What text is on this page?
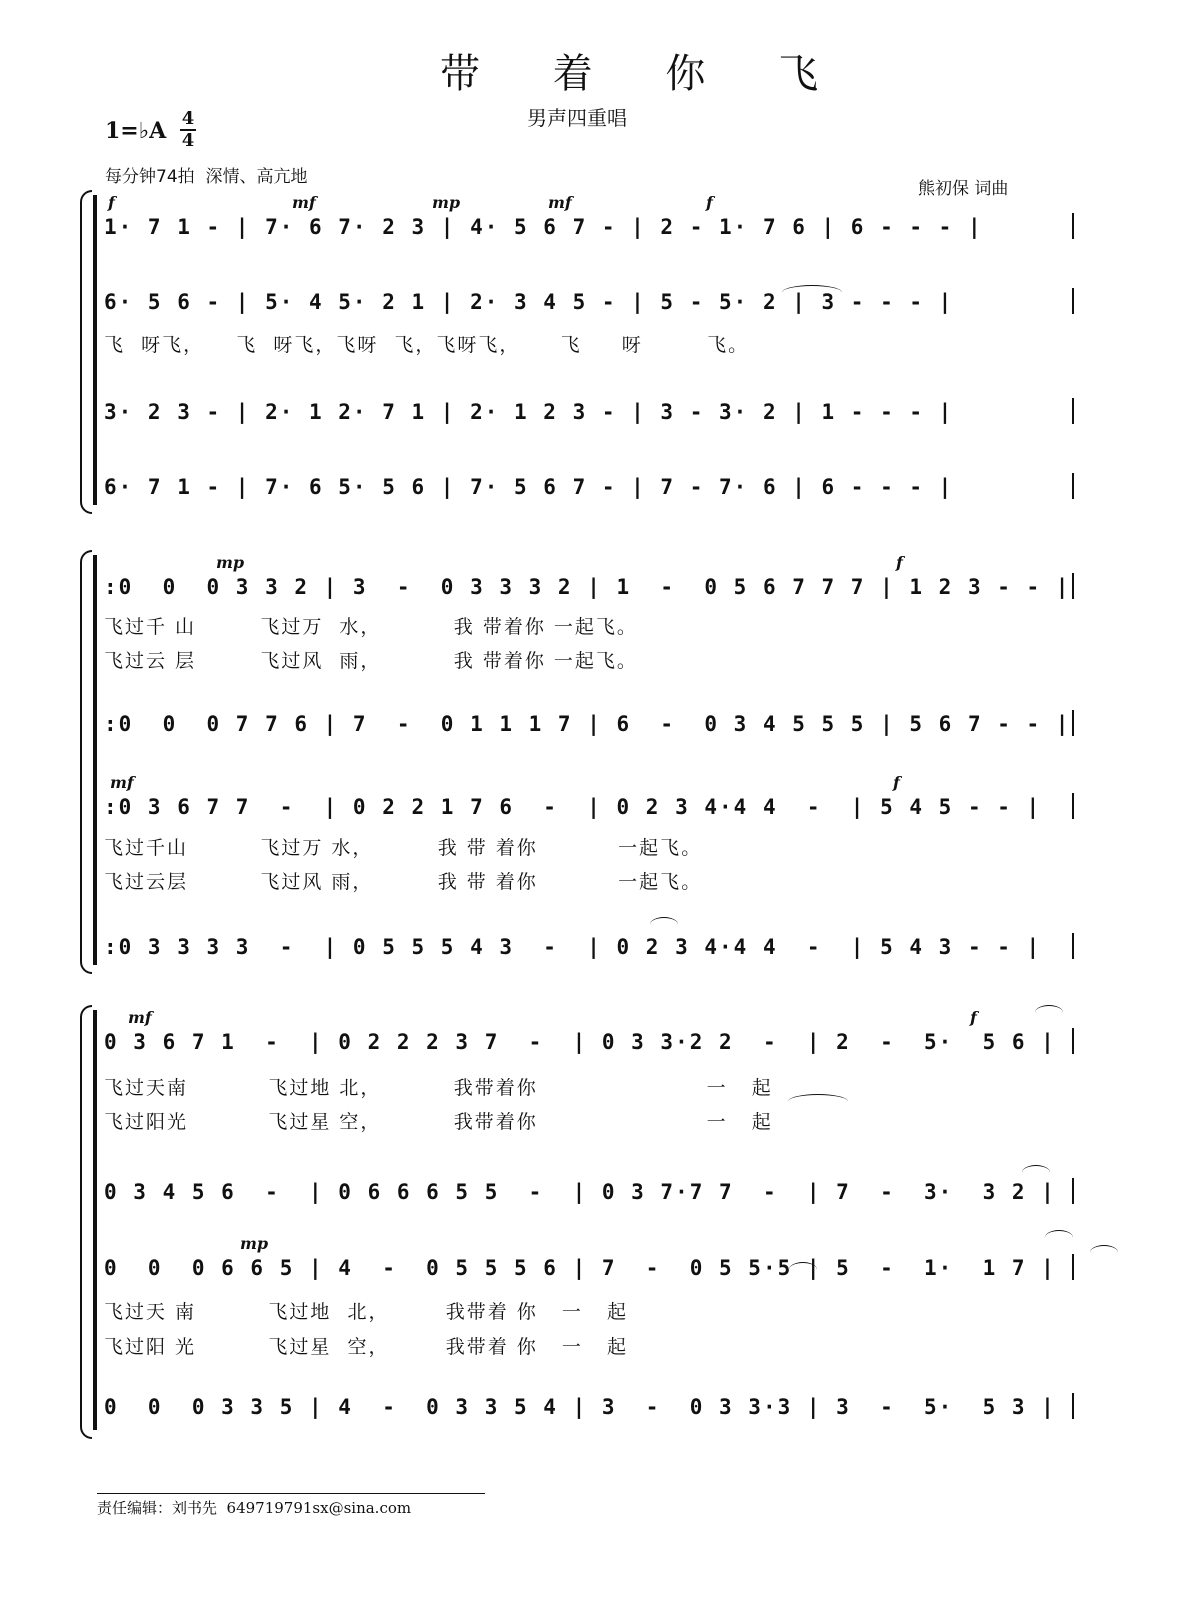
带 着 你 飞
男声四重唱
1=♭A 4
4
每分钟74拍  深情、高亢地
熊初保 词曲
f	mf	mp	mf	f
1· 7 1 - | 7· 6 7· 2 3 | 4· 5 6 7 - | 2 - 1· 7 6 | 6 - - - |
6· 5 6 - | 5· 4 5· 2 1 | 2· 3 4 5 - | 5 - 5· 2 | 3 - - - |
飞  呀飞，    飞  呀飞，飞呀  飞，飞呀飞，     飞     呀        飞。
3· 2 3 - | 2· 1 2· 7 1 | 2· 1 2 3 - | 3 - 3· 2 | 1 - - - |
6· 7 1 - | 7· 6 5· 5 6 | 7· 5 6 7 - | 7 - 7· 6 | 6 - - - |
mp	f
:0  0  0 3 3 2 | 3  -  0 3 3 3 2 | 1  -  0 5 6 7 7 7 | 1 2 3 - - |
飞过千 山        飞过万  水，         我 带着你 一起飞。
飞过云 层        飞过风  雨，         我 带着你 一起飞。
:0  0  0 7 7 6 | 7  -  0 1 1 1 7 | 6  -  0 3 4 5 5 5 | 5 6 7 - - |
mf	f
:0 3 6 7 7  -  | 0 2 2 1 7 6  -  | 0 2 3 4·4 4  -  | 5 4 5 - - |
飞过千山         飞过万 水，        我 带 着你          一起飞。
飞过云层         飞过风 雨，        我 带 着你          一起飞。
:0 3 3 3 3  -  | 0 5 5 5 4 3  -  | 0 2 3 4·4 4  -  | 5 4 3 - - |
mf	f
0 3 6 7 1  -  | 0 2 2 2 3 7  -  | 0 3 3·2 2  -  | 2  -  5·  5 6 |
飞过天南          飞过地 北，         我带着你                     一   起
飞过阳光          飞过星 空，         我带着你                     一   起
0 3 4 5 6  -  | 0 6 6 6 5 5  -  | 0 3 7·7 7  -  | 7  -  3·  3 2 |
mp
0  0  0 6 6 5 | 4  -  0 5 5 5 6 | 7  -  0 5 5·5 | 5  -  1·  1 7 |
飞过天 南         飞过地  北，       我带着 你   一   起
飞过阳 光         飞过星  空，       我带着 你   一   起
0  0  0 3 3 5 | 4  -  0 3 3 5 4 | 3  -  0 3 3·3 | 3  -  5·  5 3 |
责任编辑：刘书先  649719791sx@sina.com
